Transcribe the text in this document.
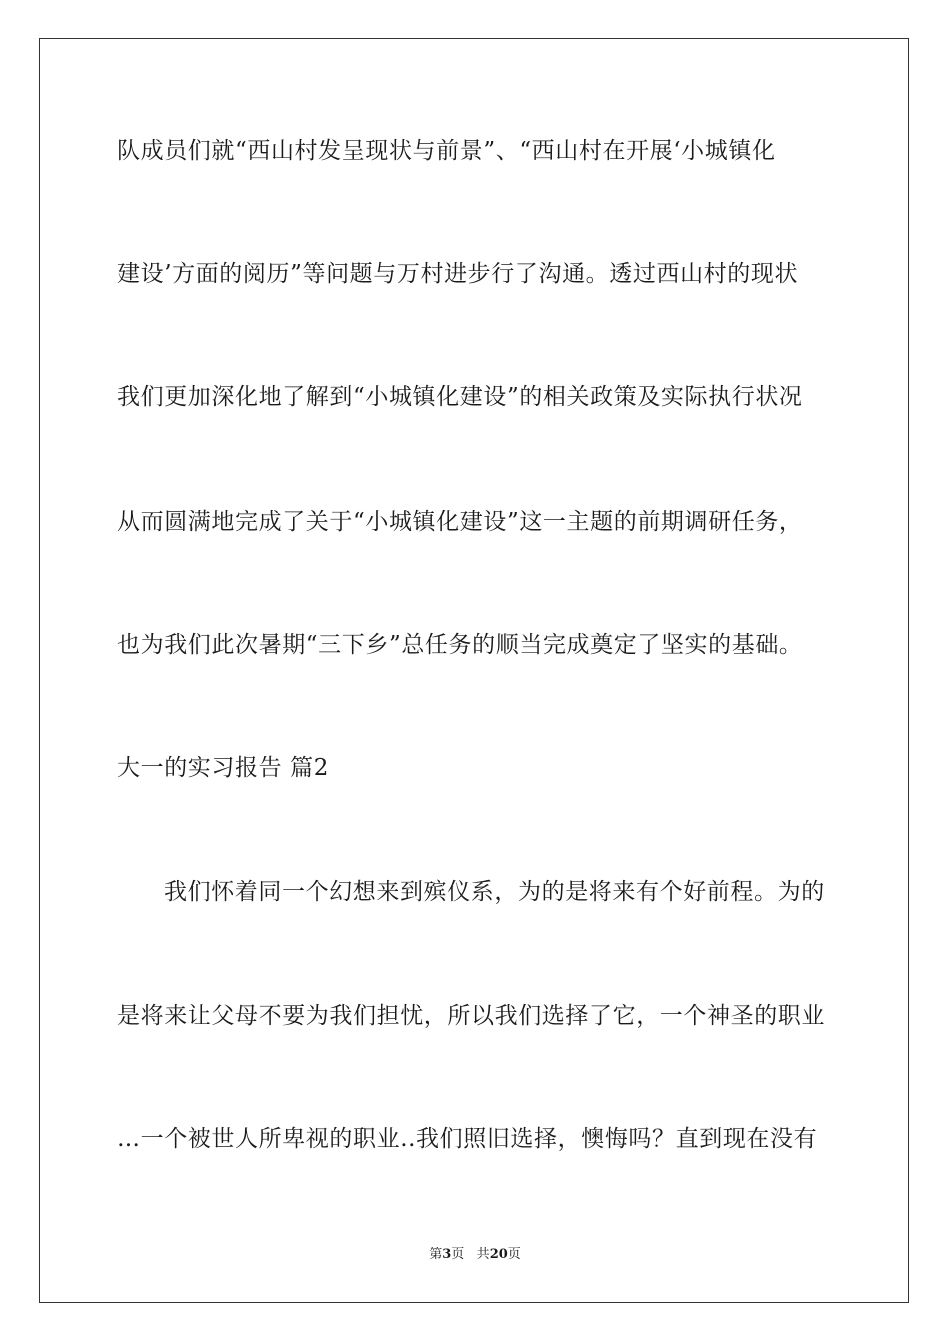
队成员们就“西山村发呈现状与前景”、“西山村在开展‘小城镇化
建设’方面的阅历”等问题与万村进步行了沟通。透过西山村的现状
我们更加深化地了解到“小城镇化建设”的相关政策及实际执行状况
从而圆满地完成了关于“小城镇化建设”这一主题的前期调研任务，
也为我们此次暑期“三下乡”总任务的顺当完成奠定了坚实的基础。
大一的实习报告 篇2
我们怀着同一个幻想来到殡仪系，为的是将来有个好前程。为的
是将来让父母不要为我们担忧，所以我们选择了它，一个神圣的职业
…一个被世人所卑视的职业..我们照旧选择，懊悔吗？直到现在没有
第3页 共20页
